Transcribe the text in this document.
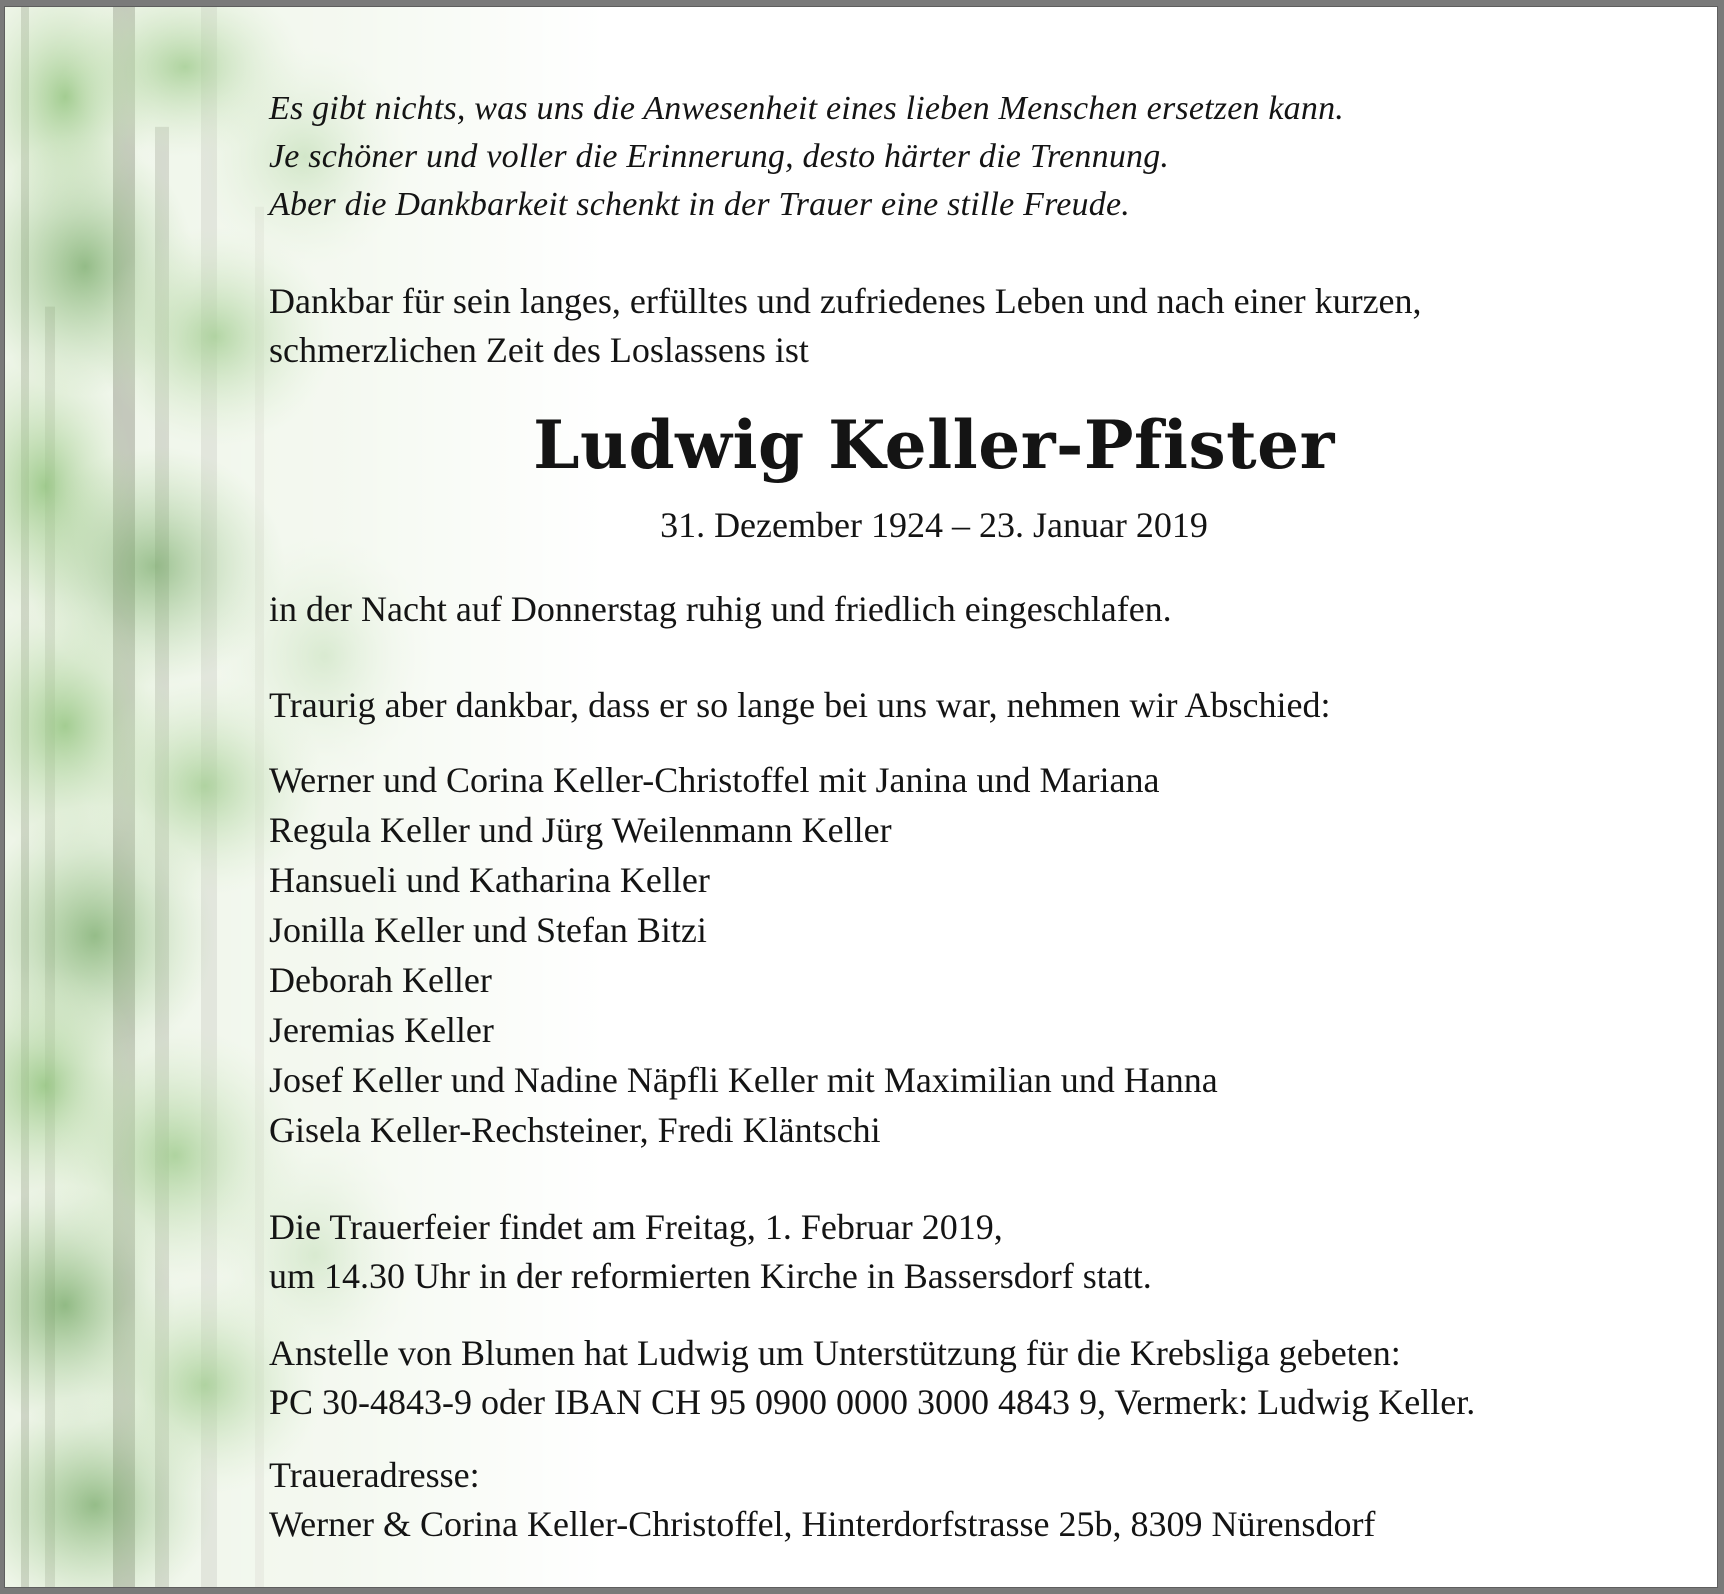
Es gibt nichts, was uns die Anwesenheit eines lieben Menschen ersetzen kann.
Je schöner und voller die Erinnerung, desto härter die Trennung.
Aber die Dankbarkeit schenkt in der Trauer eine stille Freude.
Dankbar für sein langes, erfülltes und zufriedenes Leben und nach einer kurzen,
schmerzlichen Zeit des Loslassens ist
Ludwig Keller-Pfister
31. Dezember 1924 – 23. Januar 2019
in der Nacht auf Donnerstag ruhig und friedlich eingeschlafen.
Traurig aber dankbar, dass er so lange bei uns war, nehmen wir Abschied:
Werner und Corina Keller-Christoffel mit Janina und Mariana
Regula Keller und Jürg Weilenmann Keller
Hansueli und Katharina Keller
Jonilla Keller und Stefan Bitzi
Deborah Keller
Jeremias Keller
Josef Keller und Nadine Näpfli Keller mit Maximilian und Hanna
Gisela Keller-Rechsteiner, Fredi Kläntschi
Die Trauerfeier findet am Freitag, 1. Februar 2019,
um 14.30 Uhr in der reformierten Kirche in Bassersdorf statt.
Anstelle von Blumen hat Ludwig um Unterstützung für die Krebsliga gebeten:
PC 30-4843-9 oder IBAN CH 95 0900 0000 3000 4843 9, Vermerk: Ludwig Keller.
Traueradresse:
Werner & Corina Keller-Christoffel, Hinterdorfstrasse 25b, 8309 Nürensdorf
